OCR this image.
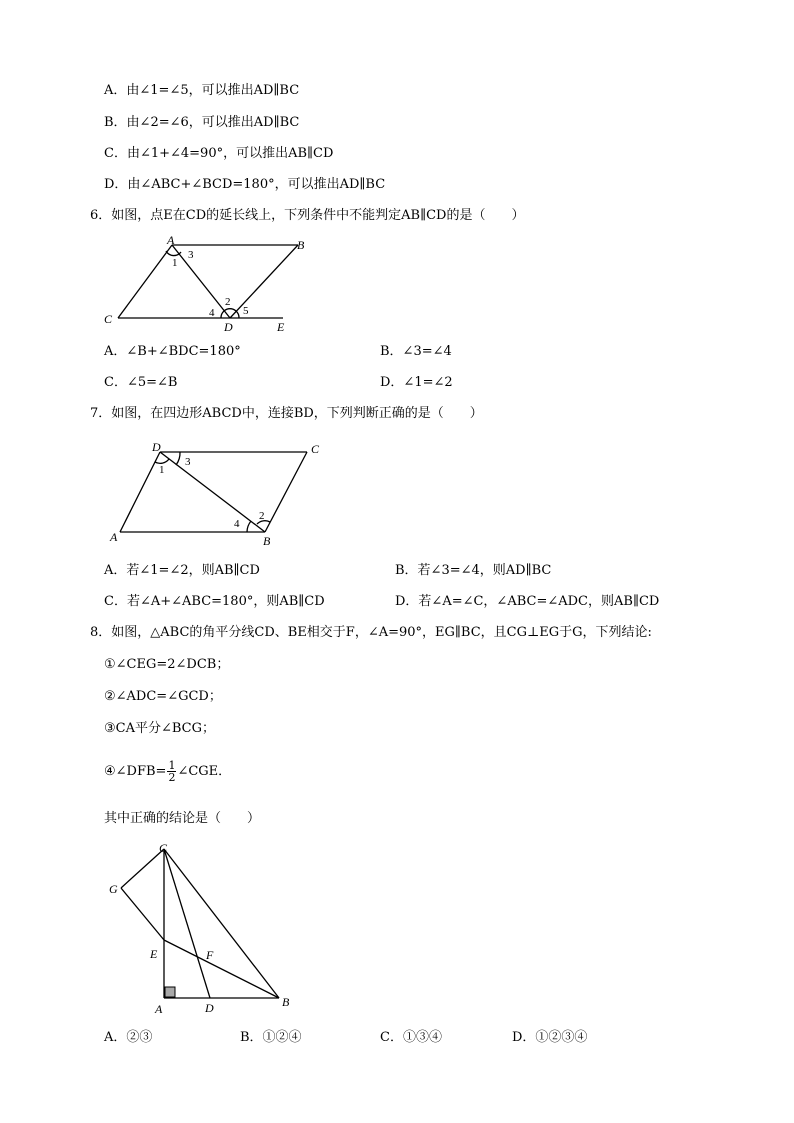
A．由∠1=∠5，可以推出AD∥BC
B．由∠2=∠6，可以推出AD∥BC
C．由∠1+∠4=90°，可以推出AB∥CD
D．由∠ABC+∠BCD=180°，可以推出AD∥BC
6．如图，点E在CD的延长线上，下列条件中不能判定AB∥CD的是（　　）
A	B
C
D	E
1
2
3
4	5
A．∠B+∠BDC=180°	B．∠3=∠4
C．∠5=∠B	D．∠1=∠2
7．如图，在四边形ABCD中，连接BD，下列判断正确的是（　　）
D	C
A	B
1
2
3
4
A．若∠1=∠2，则AB∥CD	B．若∠3=∠4，则AD∥BC
C．若∠A+∠ABC=180°，则AB∥CD	D．若∠A=∠C，∠ABC=∠ADC，则AB∥CD
8．如图，△ABC的角平分线CD、BE相交于F，∠A=90°，EG∥BC，且CG⊥EG于G，下列结论:
①∠CEG=2∠DCB；
②∠ADC=∠GCD；
③CA平分∠BCG；
④∠DFB= $\frac{1}{2}$ ∠CGE．
其中正确的结论是（　　）
C
G
E	F
A	D	B
A．②③	B．①②④	C．①③④	D．①②③④
